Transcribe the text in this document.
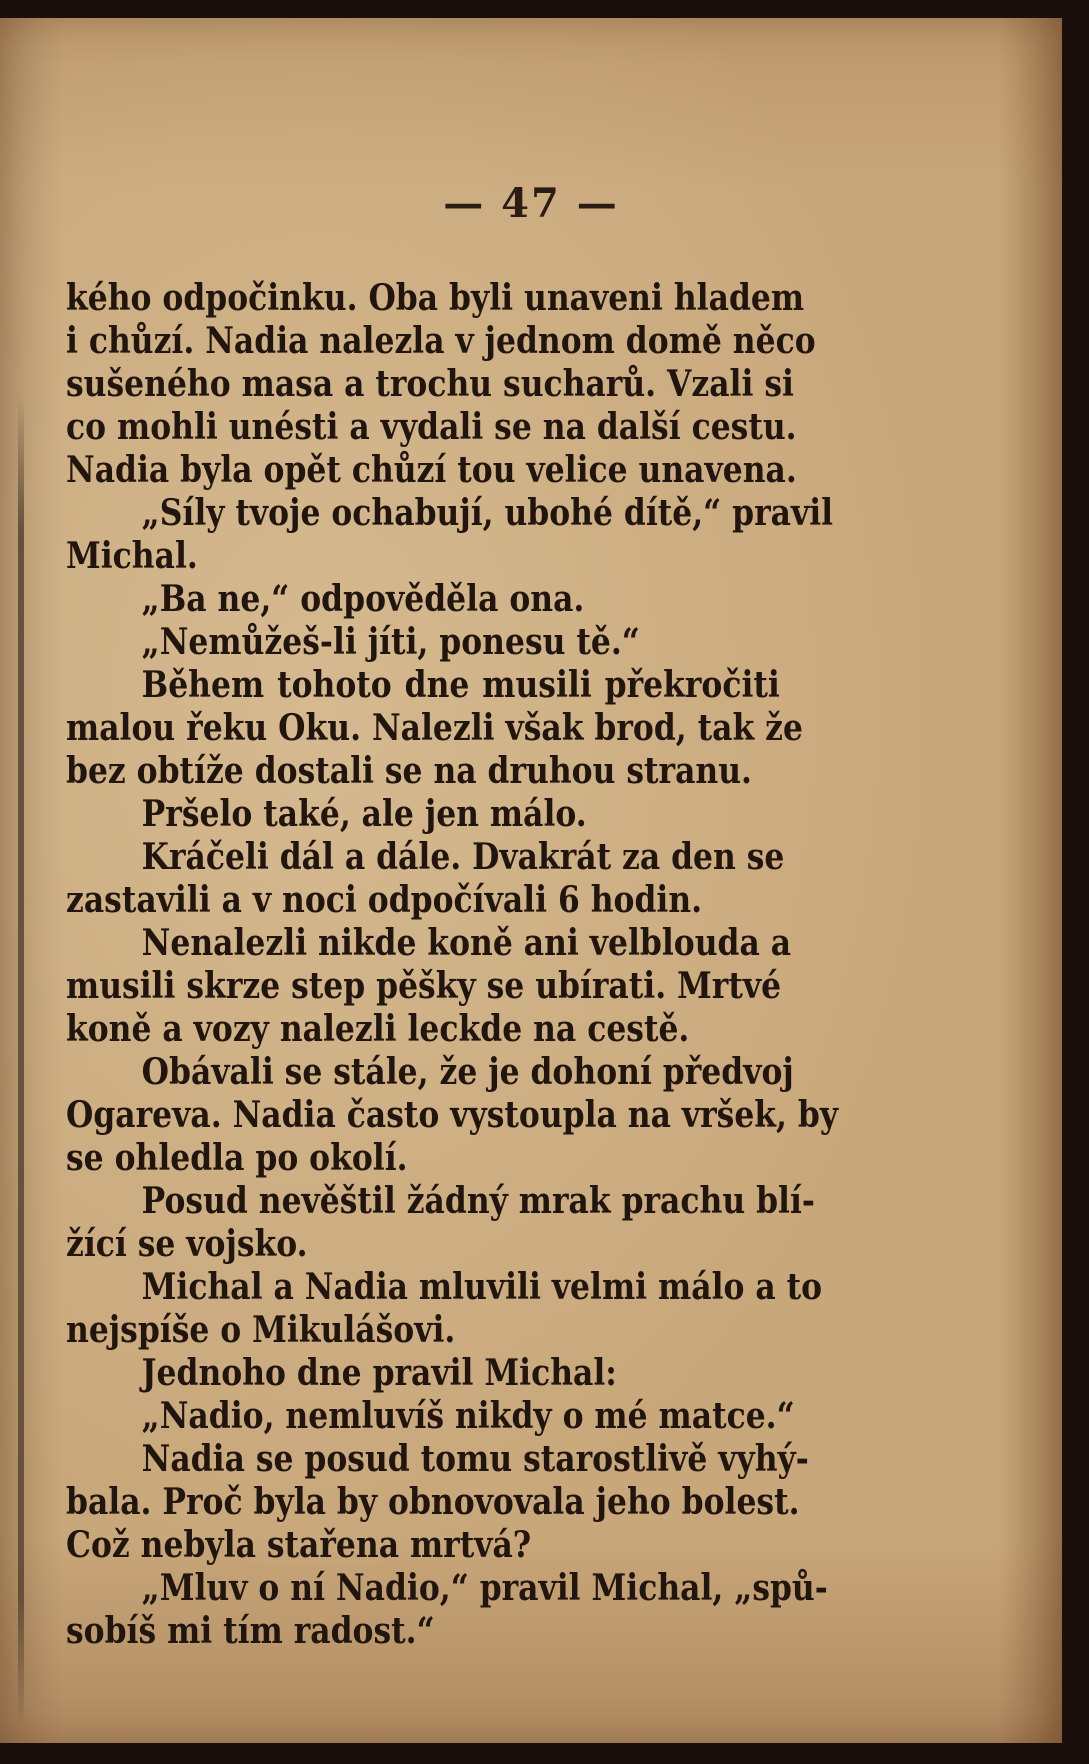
— 47 —
kého odpočinku. Oba byli unaveni hladem
i chůzí. Nadia nalezla v jednom domě něco
sušeného masa a trochu sucharů. Vzali si
co mohli unésti a vydali se na další cestu.
Nadia byla opět chůzí tou velice unavena.
„Síly tvoje ochabují, ubohé dítě,“ pravil
Michal.
„Ba ne,“ odpověděla ona.
„Nemůžeš-li jíti, ponesu tě.“
Během tohoto dne musili překročiti
malou řeku Oku. Nalezli však brod, tak že
bez obtíže dostali se na druhou stranu.
Pršelo také, ale jen málo.
Kráčeli dál a dále. Dvakrát za den se
zastavili a v noci odpočívali 6 hodin.
Nenalezli nikde koně ani velblouda a
musili skrze step pěšky se ubírati. Mrtvé
koně a vozy nalezli leckde na cestě.
Obávali se stále, že je dohoní předvoj
Ogareva. Nadia často vystoupla na vršek, by
se ohledla po okolí.
Posud nevěštil žádný mrak prachu blí-
žící se vojsko.
Michal a Nadia mluvili velmi málo a to
nejspíše o Mikulášovi.
Jednoho dne pravil Michal:
„Nadio, nemluvíš nikdy o mé matce.“
Nadia se posud tomu starostlivě vyhý-
bala. Proč byla by obnovovala jeho bolest.
Což nebyla stařena mrtvá?
„Mluv o ní Nadio,“ pravil Michal, „spů-
sobíš mi tím radost.“
